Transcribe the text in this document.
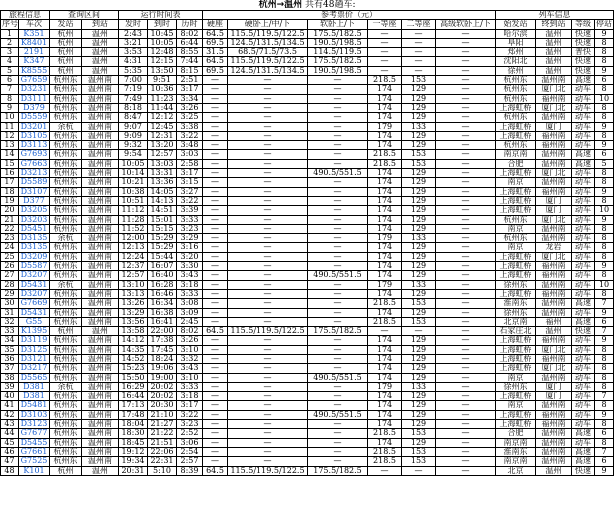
杭州→温州 共有48趟车:																
旅程信息		查询区间		运行时间表			参考票价（元）						列车信息			
序号	车次	发站	到站	发时	到时	历时	硬座	硬卧上/中/下	软卧上/下	一等座	二等座	高级软卧上/下	始发站	终到站	等级	停站
1	K351	杭州	温州	2:43	10:45	8:02	64.5	115.5/119.5/122.5	175.5/182.5	—	—	—	哈尔滨	温州	快速	9
2	K8401	杭州	温州	3:21	10:05	6:44	69.5	124.5/131.5/134.5	190.5/198.5	—	—	—	阜阳	温州	快速	8
3	2191	杭州	温州	3:53	12:48	8:55	31.5	68.5/71.5/73.5	114.5/119.5	—	—	—	郑州	温州	普快	8
4	K347	杭州	温州	4:31	12:15	7:44	64.5	115.5/119.5/122.5	175.5/182.5	—	—	—	沈阳北	温州	快速	8
5	K8555	杭州	温州	5:35	13:50	8:15	69.5	124.5/131.5/134.5	190.5/198.5	—	—	—	徐州	温州	快速	9
6	G7659	杭州东	温州南	7:00	9:51	2:51	—	—	—	218.5	153	—	杭州东	温州南	高速	6
7	D3231	杭州东	温州南	7:19	10:36	3:17	—	—	—	174	129	—	杭州东	厦门北	动车	8
8	D3111	杭州东	温州南	7:49	11:23	3:34	—	—	—	174	129	—	杭州东	福州南	动车	10
9	D379	杭州东	温州南	8:18	11:44	3:26	—	—	—	174	129	—	上海虹桥	厦门北	动车	8
10	D5559	杭州东	温州南	8:47	12:12	3:25	—	—	—	174	129	—	杭州东	温州南	动车	8
11	D3201	余杭	温州南	9:07	12:45	3:38	—	—	—	179	133	—	上海虹桥	厦门	动车	9
12	D3105	杭州东	温州南	9:09	12:31	3:22	—	—	—	174	129	—	上海虹桥	福州南	动车	8
13	D3113	杭州东	温州南	9:32	13:20	3:48	—	—	—	174	129	—	杭州东	福州南	动车	9
14	G7693	杭州东	温州南	9:54	12:57	3:03	—	—	—	218.5	153	—	南京南	温州南	高速	6
15	G7663	杭州东	温州南	10:05	13:03	2:58	—	—	—	218.5	153	—	合肥	温州南	高速	5
16	D3213	杭州东	温州南	10:14	13:31	3:17	—	—	490.5/551.5	174	129	—	上海虹桥	厦门北	动车	8
17	D5589	杭州东	温州南	10:21	13:36	3:15	—	—	—	174	129	—	南京	温州南	动车	8
18	D3107	杭州东	温州南	10:38	14:05	3:27	—	—	—	174	129	—	上海虹桥	福州南	动车	9
19	D377	杭州东	温州南	10:51	14:13	3:22	—	—	—	174	129	—	上海虹桥	厦门	动车	8
20	D3205	杭州东	温州南	11:12	14:51	3:39	—	—	—	174	129	—	上海虹桥	厦门	动车	10
21	D3203	杭州东	温州南	11:28	15:01	3:33	—	—	—	174	129	—	杭州东	厦门北	动车	9
22	D5451	杭州东	温州南	11:52	15:15	3:23	—	—	—	174	129	—	南京	温州南	动车	8
23	D3135	余杭	温州南	12:00	15:29	3:29	—	—	—	179	133	—	杭州东	温州南	动车	8
24	D3135	杭州东	温州南	12:13	15:29	3:16	—	—	—	174	129	—	南京	龙岩	动车	8
25	D3209	杭州东	温州南	12:24	15:44	3:20	—	—	—	174	129	—	上海虹桥	厦门北	动车	8
26	D5587	杭州东	温州南	12:37	16:07	3:30	—	—	—	174	129	—	上海虹桥	福州南	动车	9
27	D3207	杭州东	温州南	12:57	16:40	3:43	—	—	490.5/551.5	174	129	—	上海虹桥	福州南	动车	8
28	D5431	余杭	温州南	13:10	16:28	3:18	—	—	—	179	133	—	徐州东	温州南	动车	10
29	D3207	杭州东	温州南	13:13	16:46	3:33	—	—	—	174	129	—	上海虹桥	福州南	动车	8
30	G7669	杭州东	温州南	13:26	16:34	3:08	—	—	—	218.5	153	—	淮南东	温州南	高速	7
31	D5431	杭州东	温州南	13:29	16:38	3:09	—	—	—	174	129	—	徐州东	温州南	动车	9
32	G55	杭州东	温州南	13:56	16:41	2:45	—	—	—	218.5	153	—	北京南	福州	高速	6
33	K1395	杭州	温州	13:58	22:00	8:02	64.5	115.5/119.5/122.5	175.5/182.5	—	—	—	石家庄北	温州	快速	7
34	D3119	杭州东	温州南	14:12	17:38	3:26	—	—	—	174	129	—	上海虹桥	福州南	动车	9
35	D3125	杭州东	温州南	14:35	17:45	3:10	—	—	—	174	129	—	上海虹桥	厦门北	动车	8
36	D3121	杭州东	温州南	14:52	18:24	3:32	—	—	—	174	129	—	上海虹桥	福州南	动车	8
37	D3217	杭州东	温州南	15:23	19:06	3:43	—	—	—	174	129	—	上海虹桥	厦门北	动车	8
38	D5565	杭州东	温州南	15:50	19:00	3:10	—	—	490.5/551.5	174	129	—	南京	温州南	动车	8
39	D381	余杭	温州南	16:29	20:02	3:33	—	—	—	179	133	—	徐州东	厦门	动车	8
40	D381	杭州东	温州南	16:44	20:02	3:18	—	—	—	174	129	—	上海虹桥	厦门	动车	7
41	D5481	杭州东	温州南	17:13	20:30	3:17	—	—	—	174	129	—	南京	温州南	动车	8
42	D3103	杭州东	温州南	17:48	21:10	3:22	—	—	490.5/551.5	174	129	—	上海虹桥	福州南	动车	9
43	D3123	杭州东	温州南	18:04	21:27	3:23	—	—	—	174	129	—	上海虹桥	福州南	动车	8
44	G7677	杭州东	温州南	18:30	21:22	2:52	—	—	—	218.5	153	—	合肥	温州南	高速	6
45	D5455	杭州东	温州南	18:45	21:51	3:06	—	—	—	174	129	—	南京南	温州南	动车	8
46	G7661	杭州东	温州南	19:12	22:06	2:54	—	—	—	218.5	153	—	淮南东	温州南	高速	7
47	G7525	杭州东	温州南	19:34	22:31	2:57	—	—	—	218.5	153	—	南京南	温州南	高速	6
48	K101	杭州	温州	20:31	5:10	8:39	64.5	115.5/119.5/122.5	175.5/182.5	—	—	—	北京	温州	快速	9
